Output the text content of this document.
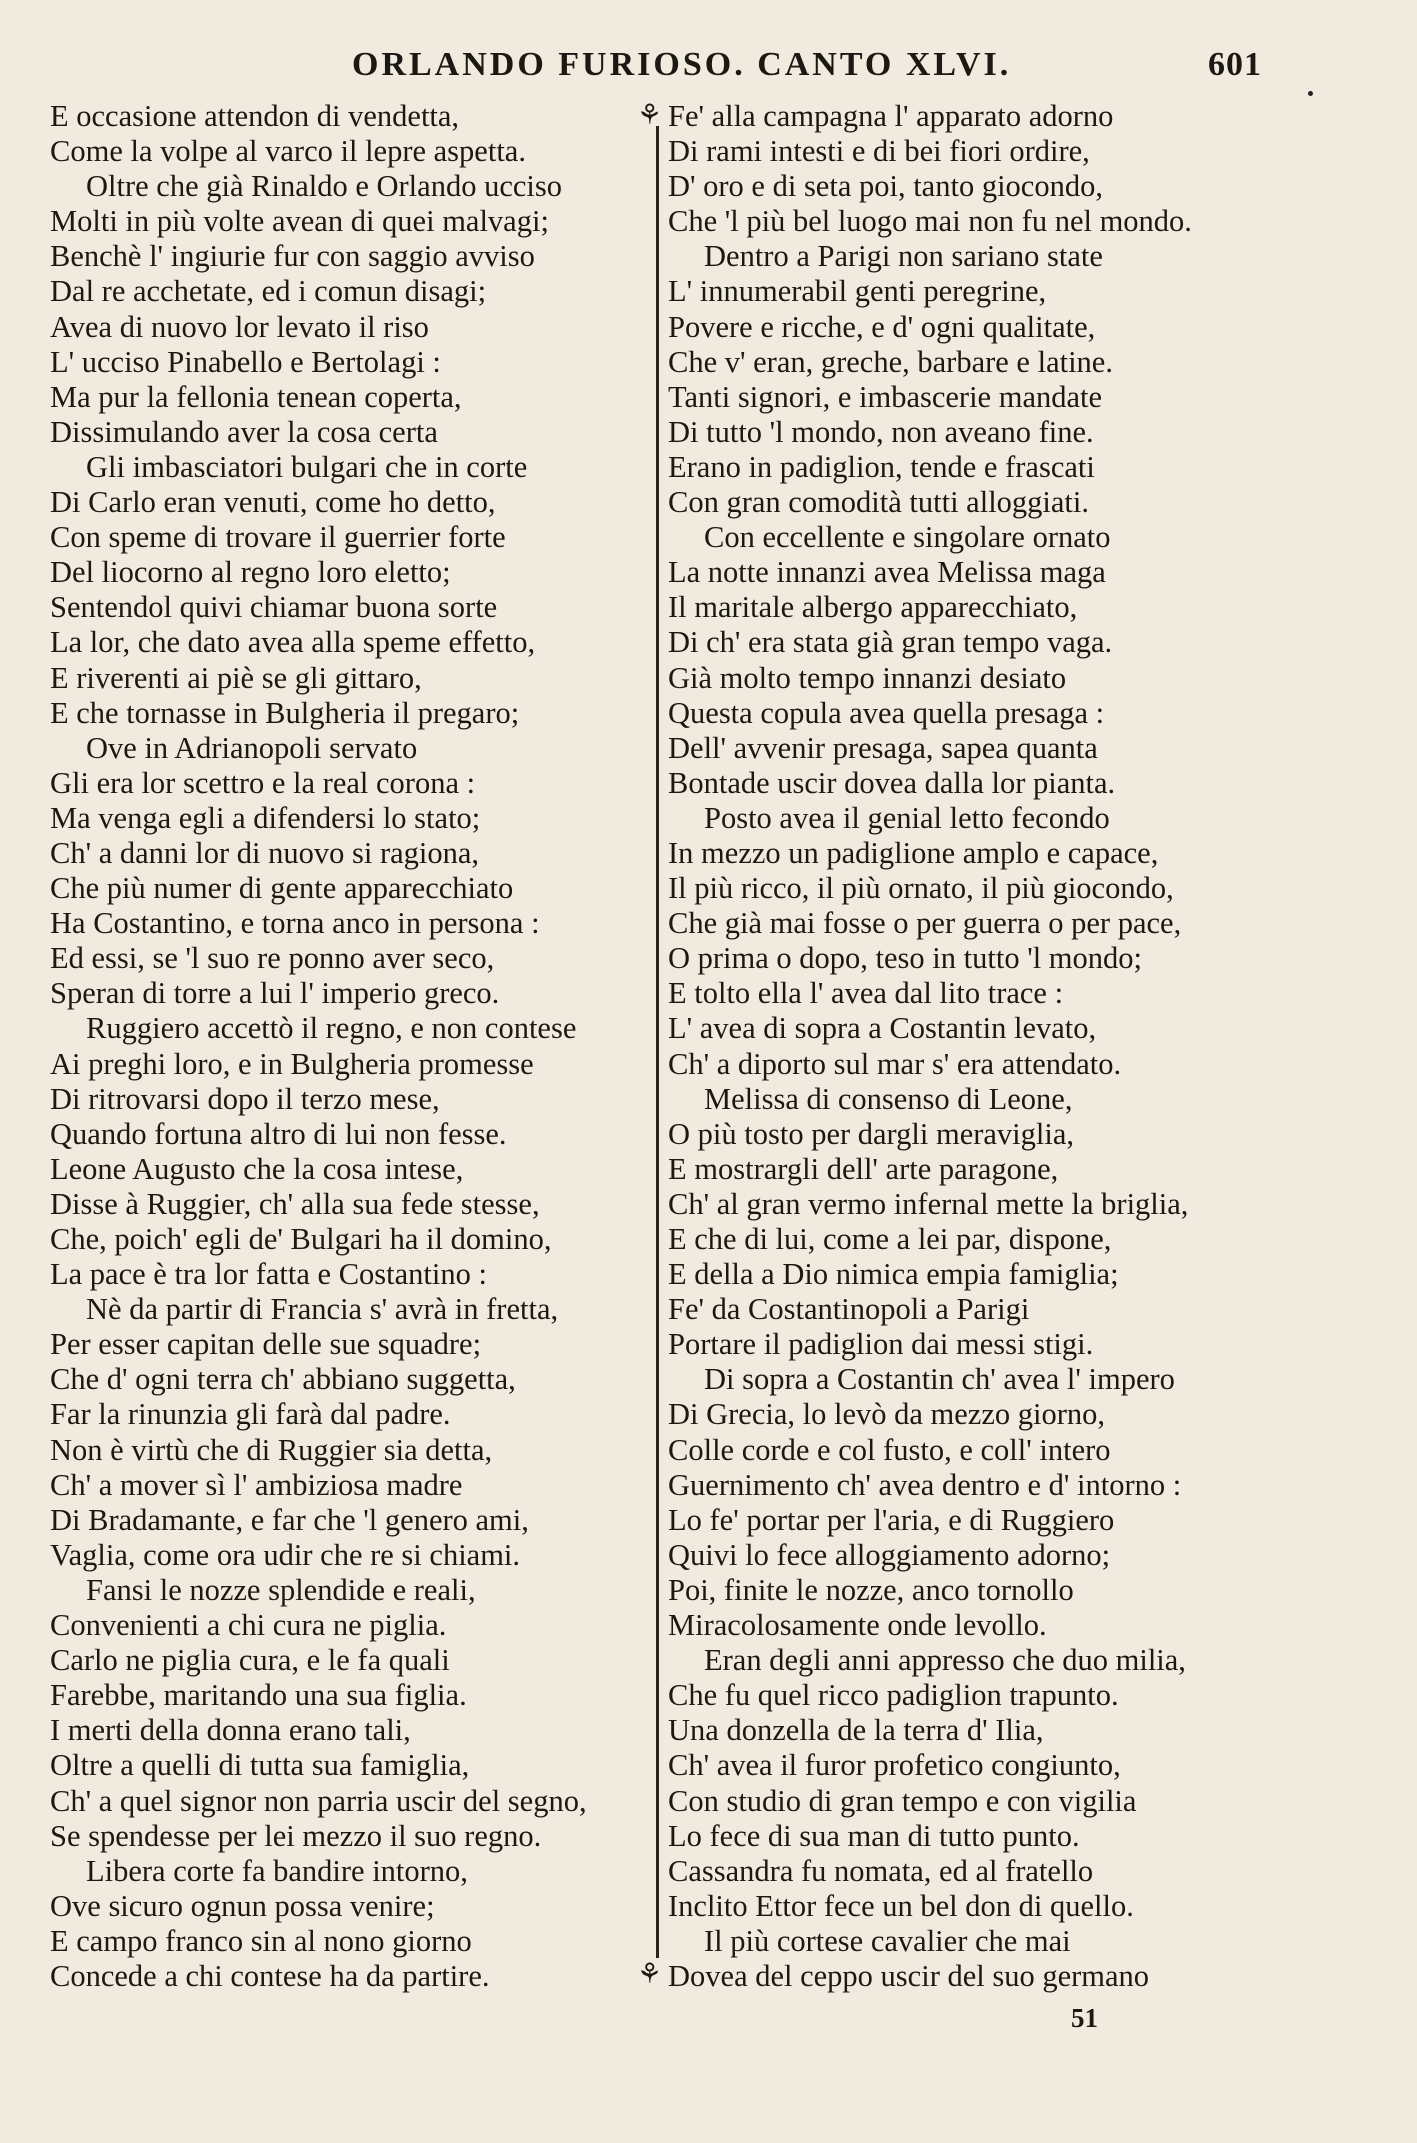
ORLANDO FURIOSO. CANTO XLVI.	601
E occasione attendon di vendetta,
Come la volpe al varco il lepre aspetta.
Oltre che già Rinaldo e Orlando ucciso
Molti in più volte avean di quei malvagi;
Benchè l' ingiurie fur con saggio avviso
Dal re acchetate, ed i comun disagi;
Avea di nuovo lor levato il riso
L' ucciso Pinabello e Bertolagi :
Ma pur la fellonia tenean coperta,
Dissimulando aver la cosa certa
Gli imbasciatori bulgari che in corte
Di Carlo eran venuti, come ho detto,
Con speme di trovare il guerrier forte
Del liocorno al regno loro eletto;
Sentendol quivi chiamar buona sorte
La lor, che dato avea alla speme effetto,
E riverenti ai piè se gli gittaro,
E che tornasse in Bulgheria il pregaro;
Ove in Adrianopoli servato
Gli era lor scettro e la real corona :
Ma venga egli a difendersi lo stato;
Ch' a danni lor di nuovo si ragiona,
Che più numer di gente apparecchiato
Ha Costantino, e torna anco in persona :
Ed essi, se 'l suo re ponno aver seco,
Speran di torre a lui l' imperio greco.
Ruggiero accettò il regno, e non contese
Ai preghi loro, e in Bulgheria promesse
Di ritrovarsi dopo il terzo mese,
Quando fortuna altro di lui non fesse.
Leone Augusto che la cosa intese,
Disse à Ruggier, ch' alla sua fede stesse,
Che, poich' egli de' Bulgari ha il domino,
La pace è tra lor fatta e Costantino :
Nè da partir di Francia s' avrà in fretta,
Per esser capitan delle sue squadre;
Che d' ogni terra ch' abbiano suggetta,
Far la rinunzia gli farà dal padre.
Non è virtù che di Ruggier sia detta,
Ch' a mover sì l' ambiziosa madre
Di Bradamante, e far che 'l genero ami,
Vaglia, come ora udir che re si chiami.
Fansi le nozze splendide e reali,
Convenienti a chi cura ne piglia.
Carlo ne piglia cura, e le fa quali
Farebbe, maritando una sua figlia.
I merti della donna erano tali,
Oltre a quelli di tutta sua famiglia,
Ch' a quel signor non parria uscir del segno,
Se spendesse per lei mezzo il suo regno.
Libera corte fa bandire intorno,
Ove sicuro ognun possa venire;
E campo franco sin al nono giorno
Concede a chi contese ha da partire.
⚘
⚘
Fe' alla campagna l' apparato adorno
Di rami intesti e di bei fiori ordire,
D' oro e di seta poi, tanto giocondo,
Che 'l più bel luogo mai non fu nel mondo.
Dentro a Parigi non sariano state
L' innumerabil genti peregrine,
Povere e ricche, e d' ogni qualitate,
Che v' eran, greche, barbare e latine.
Tanti signori, e imbascerie mandate
Di tutto 'l mondo, non aveano fine.
Erano in padiglion, tende e frascati
Con gran comodità tutti alloggiati.
Con eccellente e singolare ornato
La notte innanzi avea Melissa maga
Il maritale albergo apparecchiato,
Di ch' era stata già gran tempo vaga.
Già molto tempo innanzi desiato
Questa copula avea quella presaga :
Dell' avvenir presaga, sapea quanta
Bontade uscir dovea dalla lor pianta.
Posto avea il genial letto fecondo
In mezzo un padiglione amplo e capace,
Il più ricco, il più ornato, il più giocondo,
Che già mai fosse o per guerra o per pace,
O prima o dopo, teso in tutto 'l mondo;
E tolto ella l' avea dal lito trace :
L' avea di sopra a Costantin levato,
Ch' a diporto sul mar s' era attendato.
Melissa di consenso di Leone,
O più tosto per dargli meraviglia,
E mostrargli dell' arte paragone,
Ch' al gran vermo infernal mette la briglia,
E che di lui, come a lei par, dispone,
E della a Dio nimica empia famiglia;
Fe' da Costantinopoli a Parigi
Portare il padiglion dai messi stigi.
Di sopra a Costantin ch' avea l' impero
Di Grecia, lo levò da mezzo giorno,
Colle corde e col fusto, e coll' intero
Guernimento ch' avea dentro e d' intorno :
Lo fe' portar per l'aria, e di Ruggiero
Quivi lo fece alloggiamento adorno;
Poi, finite le nozze, anco tornollo
Miracolosamente onde levollo.
Eran degli anni appresso che duo milia,
Che fu quel ricco padiglion trapunto.
Una donzella de la terra d' Ilia,
Ch' avea il furor profetico congiunto,
Con studio di gran tempo e con vigilia
Lo fece di sua man di tutto punto.
Cassandra fu nomata, ed al fratello
Inclito Ettor fece un bel don di quello.
Il più cortese cavalier che mai
Dovea del ceppo uscir del suo germano
51
